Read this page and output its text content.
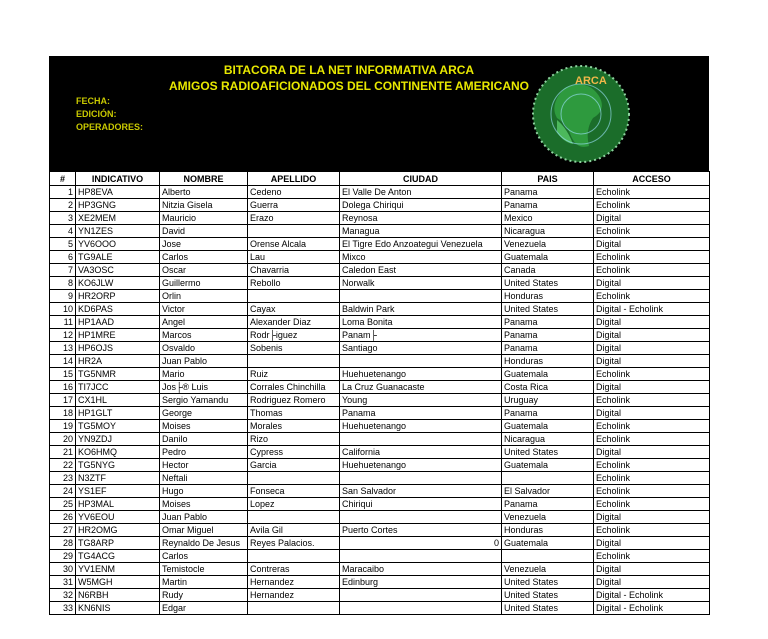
BITACORA DE LA NET INFORMATIVA ARCA
AMIGOS RADIOAFICIONADOS DEL CONTINENTE AMERICANO
FECHA:
EDICIÓN:
OPERADORES:
ARCA
#	INDICATIVO	NOMBRE	APELLIDO	CIUDAD	PAIS	ACCESO
1	HP8EVA	Alberto	Cedeno	El Valle De Anton	Panama	Echolink
2	HP3GNG	Nitzia Gisela	Guerra	Dolega Chiriqui	Panama	Echolink
3	XE2MEM	Mauricio	Erazo	Reynosa	Mexico	Digital
4	YN1ZES	David		Managua	Nicaragua	Echolink
5	YV6OOO	Jose	Orense Alcala	El Tigre Edo Anzoategui Venezuela	Venezuela	Digital
6	TG9ALE	Carlos	Lau	Mixco	Guatemala	Echolink
7	VA3OSC	Oscar	Chavarria	Caledon East	Canada	Echolink
8	KO6JLW	Guillermo	Rebollo	Norwalk	United States	Digital
9	HR2ORP	Orlin			Honduras	Echolink
10	KD6PAS	Victor	Cayax	Baldwin Park	United States	Digital - Echolink
11	HP1AAD	Angel	Alexander Diaz	Loma Bonita	Panama	Digital
12	HP1MRE	Marcos	Rodr├iguez	Panam├	Panama	Digital
13	HP6OJS	Osvaldo	Sobenis	Santiago	Panama	Digital
14	HR2A	Juan Pablo			Honduras	Digital
15	TG5NMR	Mario	Ruiz	Huehuetenango	Guatemala	Echolink
16	TI7JCC	Jos├® Luis	Corrales Chinchilla	La Cruz Guanacaste	Costa Rica	Digital
17	CX1HL	Sergio Yamandu	Rodriguez Romero	Young	Uruguay	Echolink
18	HP1GLT	George	Thomas	Panama	Panama	Digital
19	TG5MOY	Moises	Morales	Huehuetenango	Guatemala	Echolink
20	YN9ZDJ	Danilo	Rizo		Nicaragua	Echolink
21	KO6HMQ	Pedro	Cypress	California	United States	Digital
22	TG5NYG	Hector	Garcia	Huehuetenango	Guatemala	Echolink
23	N3ZTF	Neftali				Echolink
24	YS1EF	Hugo	Fonseca	San Salvador	El Salvador	Echolink
25	HP3MAL	Moises	Lopez	Chiriqui	Panama	Echolink
26	YV6EOU	Juan Pablo			Venezuela	Digital
27	HR2OMG	Omar Miguel	Avila Gil	Puerto Cortes	Honduras	Echolink
28	TG8ARP	Reynaldo De Jesus	Reyes Palacios.	0	Guatemala	Digital
29	TG4ACG	Carlos				Echolink
30	YV1ENM	Temistocle	Contreras	Maracaibo	Venezuela	Digital
31	W5MGH	Martin	Hernandez	Edinburg	United States	Digital
32	N6RBH	Rudy	Hernandez		United States	Digital - Echolink
33	KN6NIS	Edgar			United States	Digital - Echolink
